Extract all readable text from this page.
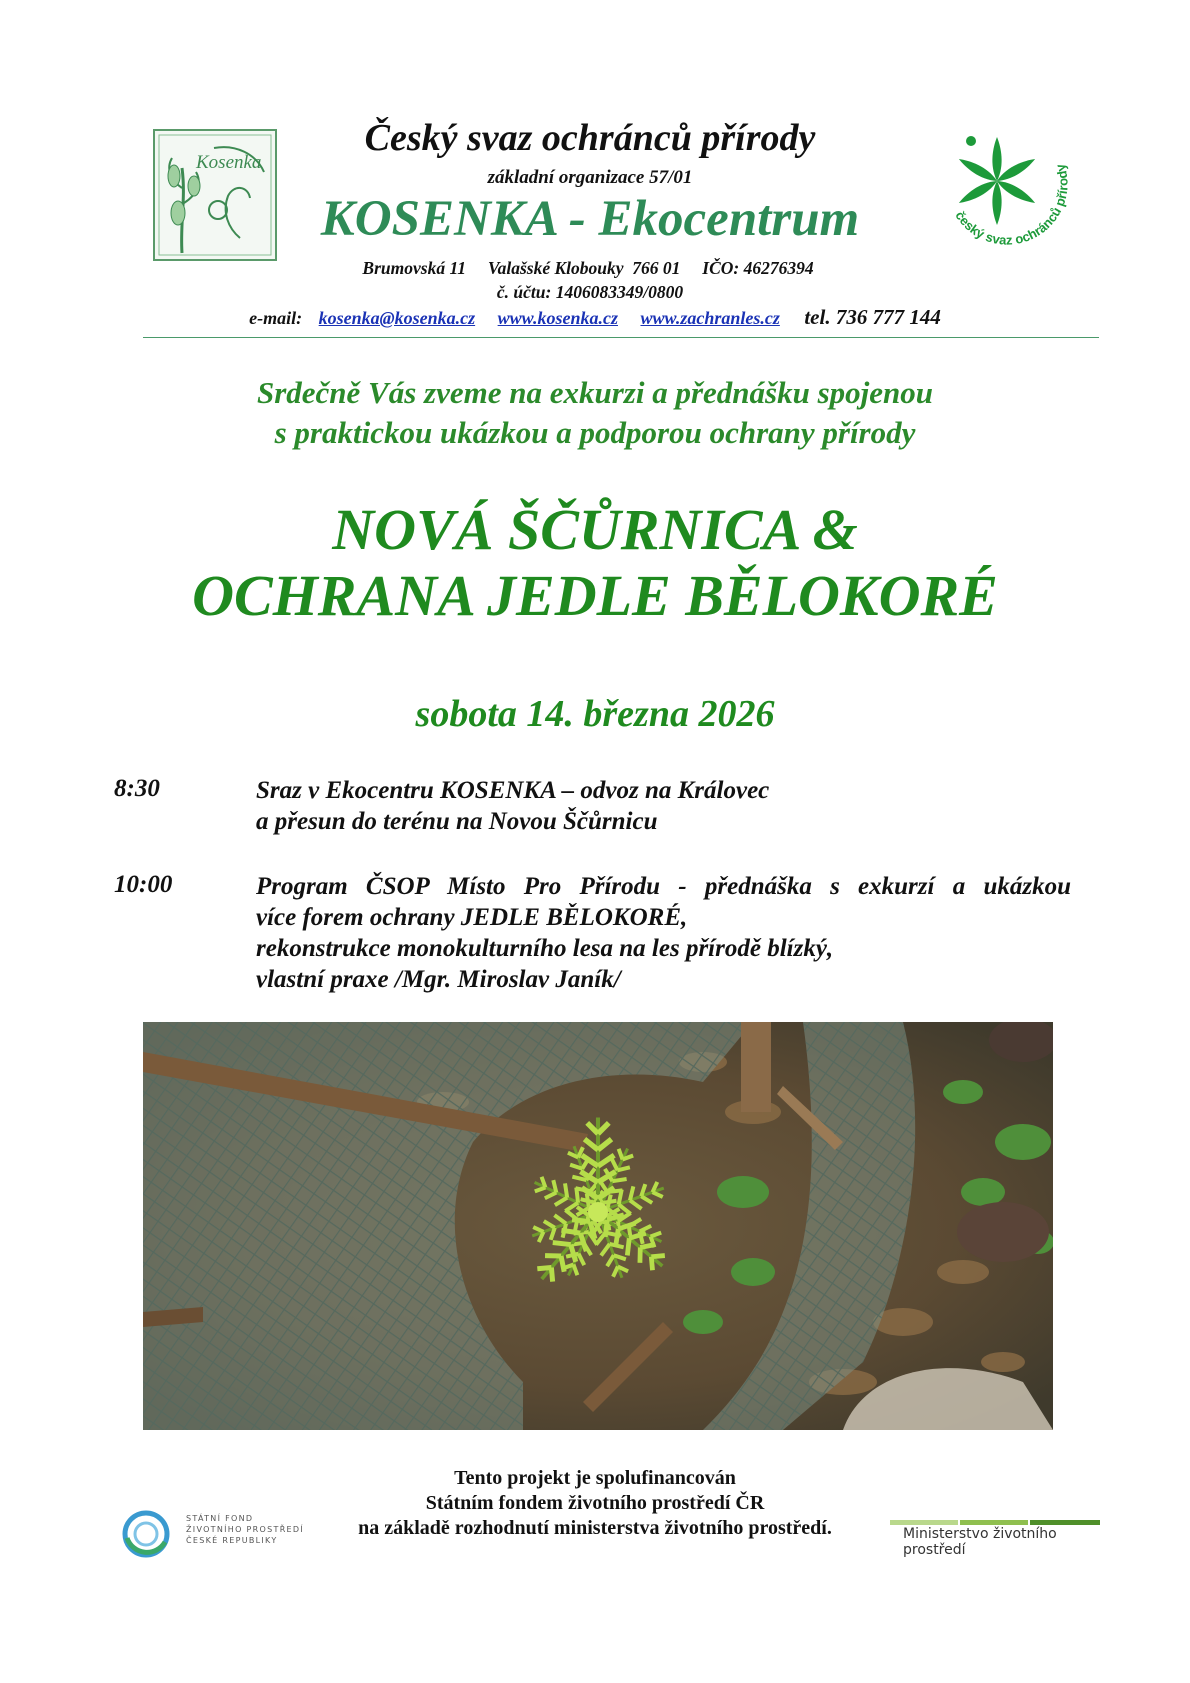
Kosenka
Český svaz ochránců přírody
základní organizace 57/01
KOSENKA - Ekocentrum
Brumovská 11     Valašské Klobouky  766 01     IČO: 46276394
č. účtu: 1406083349/0800
e-mail: kosenka@kosenka.cz www.kosenka.cz www.zachranles.cz tel. 736 777 144
český svaz ochránců přírody
Srdečně Vás zveme na exkurzi a přednášku spojenou
s praktickou ukázkou a podporou ochrany přírody
NOVÁ ŠČŮRNICA &
OCHRANA JEDLE BĚLOKORÉ
sobota 14. března 2026
8:30	Sraz v Ekocentru KOSENKA – odvoz na Královec
a přesun do terénu na Novou Ščůrnicu
10:00	Program ČSOP Místo Pro Přírodu - přednáška s exkurzí a ukázkou
více forem ochrany JEDLE BĚLOKORÉ,
rekonstrukce monokulturního lesa na les přírodě blízký,
vlastní praxe /Mgr. Miroslav Janík/
Tento projekt je spolufinancován
Státním fondem životního prostředí ČR
na základě rozhodnutí ministerstva životního prostředí.
STÁTNÍ FOND
ŽIVOTNÍHO PROSTŘEDÍ
ČESKÉ REPUBLIKY	Ministerstvo životního prostředí
